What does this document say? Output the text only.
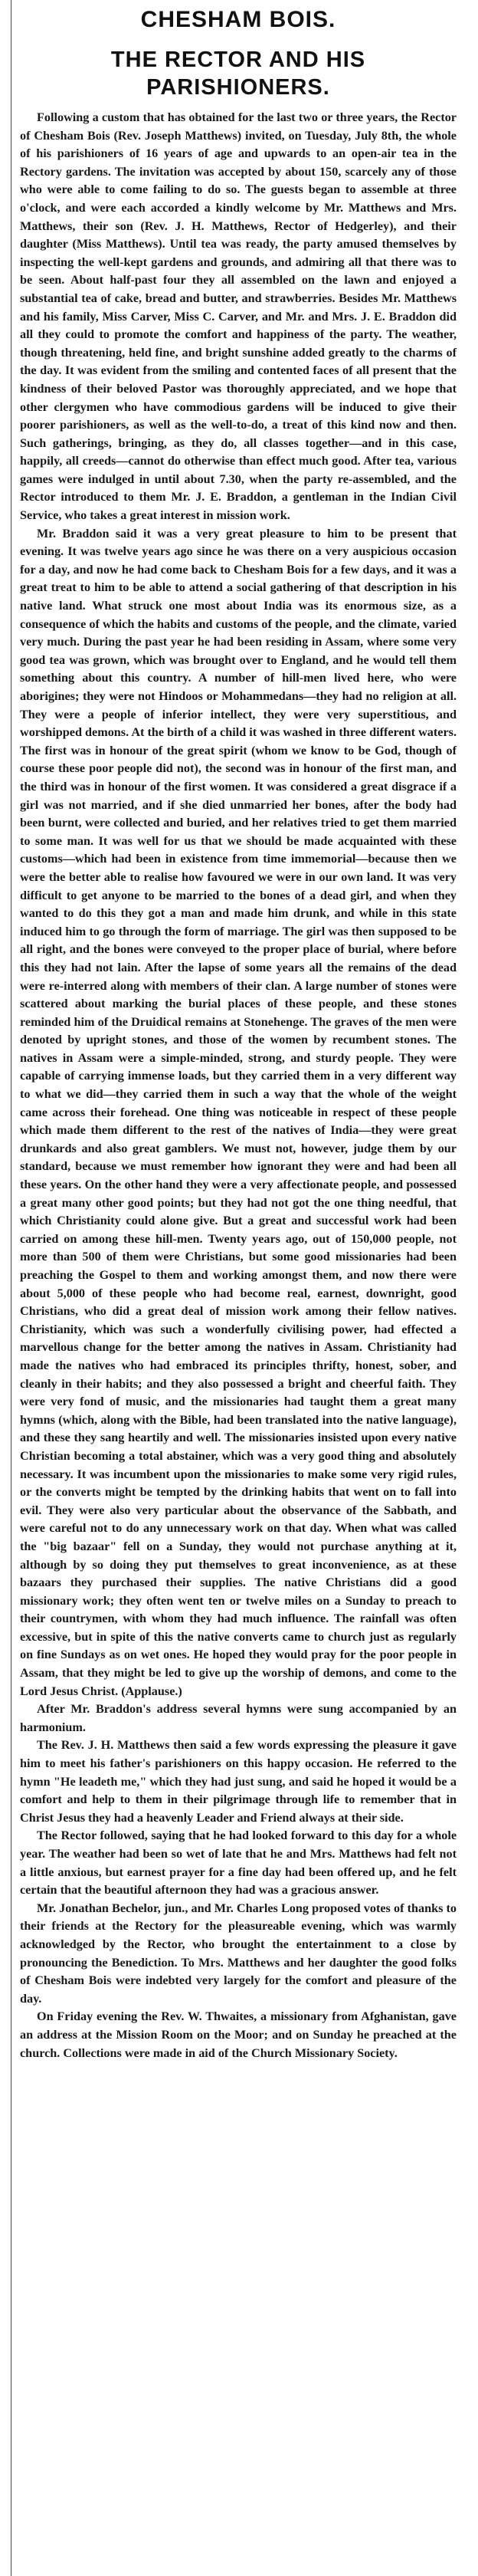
CHESHAM BOIS.
THE RECTOR AND HIS
PARISHIONERS.

Following a custom that has obtained for the last two or three years, the Rector of Chesham Bois (Rev. Joseph Matthews) invited, on Tuesday, July 8th, the whole of his parishioners of 16 years of age and upwards to an open-air tea in the Rectory gardens. The invitation was accepted by about 150, scarcely any of those who were able to come failing to do so. The guests began to assemble at three o'clock, and were each accorded a kindly welcome by Mr. Matthews and Mrs. Matthews, their son (Rev. J. H. Matthews, Rector of Hedgerley), and their daughter (Miss Matthews). Until tea was ready, the party amused themselves by inspecting the well-kept gardens and grounds, and admiring all that there was to be seen. About half-past four they all assembled on the lawn and enjoyed a substantial tea of cake, bread and butter, and strawberries. Besides Mr. Matthews and his family, Miss Carver, Miss C. Carver, and Mr. and Mrs. J. E. Braddon did all they could to promote the comfort and happiness of the party. The weather, though threatening, held fine, and bright sunshine added greatly to the charms of the day. It was evident from the smiling and contented faces of all present that the kindness of their beloved Pastor was thoroughly appreciated, and we hope that other clergymen who have commodious gardens will be induced to give their poorer parishioners, as well as the well-to-do, a treat of this kind now and then. Such gatherings, bringing, as they do, all classes together—and in this case, happily, all creeds—cannot do otherwise than effect much good. After tea, various games were indulged in until about 7.30, when the party re-assembled, and the Rector introduced to them Mr. J. E. Braddon, a gentleman in the Indian Civil Service, who takes a great interest in mission work.

Mr. Braddon said it was a very great pleasure to him to be present that evening. It was twelve years ago since he was there on a very auspicious occasion for a day, and now he had come back to Chesham Bois for a few days, and it was a great treat to him to be able to attend a social gathering of that description in his native land. What struck one most about India was its enormous size, as a consequence of which the habits and customs of the people, and the climate, varied very much. During the past year he had been residing in Assam, where some very good tea was grown, which was brought over to England, and he would tell them something about this country. A number of hill-men lived here, who were aborigines; they were not Hindoos or Mohammedans—they had no religion at all. They were a people of inferior intellect, they were very superstitious, and worshipped demons. At the birth of a child it was washed in three different waters. The first was in honour of the great spirit (whom we know to be God, though of course these poor people did not), the second was in honour of the first man, and the third was in honour of the first women. It was considered a great disgrace if a girl was not married, and if she died unmarried her bones, after the body had been burnt, were collected and buried, and her relatives tried to get them married to some man. It was well for us that we should be made acquainted with these customs—which had been in existence from time immemorial—because then we were the better able to realise how favoured we were in our own land. It was very difficult to get anyone to be married to the bones of a dead girl, and when they wanted to do this they got a man and made him drunk, and while in this state induced him to go through the form of marriage. The girl was then supposed to be all right, and the bones were conveyed to the proper place of burial, where before this they had not lain. After the lapse of some years all the remains of the dead were re-interred along with members of their clan. A large number of stones were scattered about marking the burial places of these people, and these stones reminded him of the Druidical remains at Stonehenge. The graves of the men were denoted by upright stones, and those of the women by recumbent stones. The natives in Assam were a simple-minded, strong, and sturdy people. They were capable of carrying immense loads, but they carried them in a very different way to what we did—they carried them in such a way that the whole of the weight came across their forehead. One thing was noticeable in respect of these people which made them different to the rest of the natives of India—they were great drunkards and also great gamblers. We must not, however, judge them by our standard, because we must remember how ignorant they were and had been all these years. On the other hand they were a very affectionate people, and possessed a great many other good points; but they had not got the one thing needful, that which Christianity could alone give. But a great and successful work had been carried on among these hill-men. Twenty years ago, out of 150,000 people, not more than 500 of them were Christians, but some good missionaries had been preaching the Gospel to them and working amongst them, and now there were about 5,000 of these people who had become real, earnest, downright, good Christians, who did a great deal of mission work among their fellow natives. Christianity, which was such a wonderfully civilising power, had effected a marvellous change for the better among the natives in Assam. Christianity had made the natives who had embraced its principles thrifty, honest, sober, and cleanly in their habits; and they also possessed a bright and cheerful faith. They were very fond of music, and the missionaries had taught them a great many hymns (which, along with the Bible, had been translated into the native language), and these they sang heartily and well. The missionaries insisted upon every native Christian becoming a total abstainer, which was a very good thing and absolutely necessary. It was incumbent upon the missionaries to make some very rigid rules, or the converts might be tempted by the drinking habits that went on to fall into evil. They were also very particular about the observance of the Sabbath, and were careful not to do any unnecessary work on that day. When what was called the "big bazaar" fell on a Sunday, they would not purchase anything at it, although by so doing they put themselves to great inconvenience, as at these bazaars they purchased their supplies. The native Christians did a good missionary work; they often went ten or twelve miles on a Sunday to preach to their countrymen, with whom they had much influence. The rainfall was often excessive, but in spite of this the native converts came to church just as regularly on fine Sundays as on wet ones. He hoped they would pray for the poor people in Assam, that they might be led to give up the worship of demons, and come to the Lord Jesus Christ. (Applause.)

After Mr. Braddon's address several hymns were sung accompanied by an harmonium.

The Rev. J. H. Matthews then said a few words expressing the pleasure it gave him to meet his father's parishioners on this happy occasion. He referred to the hymn "He leadeth me," which they had just sung, and said he hoped it would be a comfort and help to them in their pilgrimage through life to remember that in Christ Jesus they had a heavenly Leader and Friend always at their side.

The Rector followed, saying that he had looked forward to this day for a whole year. The weather had been so wet of late that he and Mrs. Matthews had felt not a little anxious, but earnest prayer for a fine day had been offered up, and he felt certain that the beautiful afternoon they had was a gracious answer.

Mr. Jonathan Bechelor, jun., and Mr. Charles Long proposed votes of thanks to their friends at the Rectory for the pleasureable evening, which was warmly acknowledged by the Rector, who brought the entertainment to a close by pronouncing the Benediction. To Mrs. Matthews and her daughter the good folks of Chesham Bois were indebted very largely for the comfort and pleasure of the day.

On Friday evening the Rev. W. Thwaites, a missionary from Afghanistan, gave an address at the Mission Room on the Moor; and on Sunday he preached at the church. Collections were made in aid of the Church Missionary Society.
